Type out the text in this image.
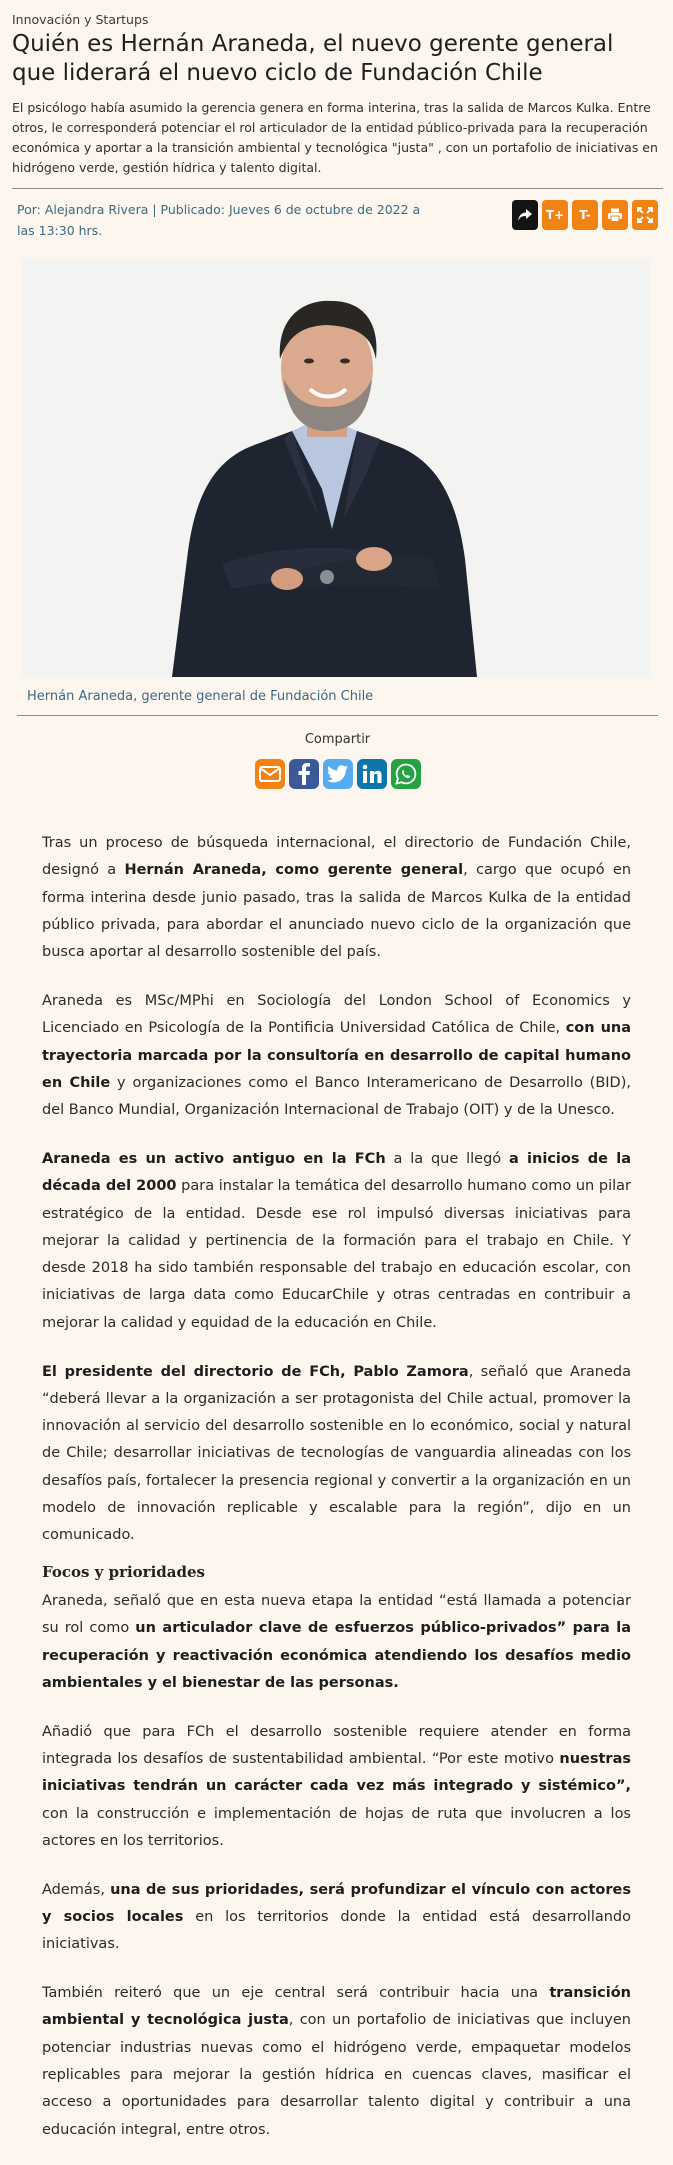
Innovación y Startups
Quién es Hernán Araneda, el nuevo gerente general que liderará el nuevo ciclo de Fundación Chile

El psicólogo había asumido la gerencia genera en forma interina, tras la salida de Marcos Kulka. Entre otros, le corresponderá potenciar el rol articulador de la entidad público-privada para la recuperación económica y aportar a la transición ambiental y tecnológica "justa" , con un portafolio de iniciativas en hidrógeno verde, gestión hídrica y talento digital.

Por: Alejandra Rivera | Publicado: Jueves 6 de octubre de 2022 a las 13:30 hrs.
T+	T-
Hernán Araneda, gerente general de Fundación Chile
Compartir

Tras un proceso de búsqueda internacional, el directorio de Fundación Chile, designó a Hernán Araneda, como gerente general, cargo que ocupó en forma interina desde junio pasado, tras la salida de Marcos Kulka de la entidad público privada, para abordar el anunciado nuevo ciclo de la organización que busca aportar al desarrollo sostenible del país.

Araneda es MSc/MPhi en Sociología del London School of Economics y Licenciado en Psicología de la Pontificia Universidad Católica de Chile, con una trayectoria marcada por la consultoría en desarrollo de capital humano en Chile y organizaciones como el Banco Interamericano de Desarrollo (BID), del Banco Mundial, Organización Internacional de Trabajo (OIT) y de la Unesco.

Araneda es un activo antiguo en la FCh a la que llegó a inicios de la década del 2000 para instalar la temática del desarrollo humano como un pilar estratégico de la entidad. Desde ese rol impulsó diversas iniciativas para mejorar la calidad y pertinencia de la formación para el trabajo en Chile. Y desde 2018 ha sido también responsable del trabajo en educación escolar, con iniciativas de larga data como EducarChile y otras centradas en contribuir a mejorar la calidad y equidad de la educación en Chile.

El presidente del directorio de FCh, Pablo Zamora, señaló que Araneda “deberá llevar a la organización a ser protagonista del Chile actual, promover la innovación al servicio del desarrollo sostenible en lo económico, social y natural de Chile; desarrollar iniciativas de tecnologías de vanguardia alineadas con los desafíos país, fortalecer la presencia regional y convertir a la organización en un modelo de innovación replicable y escalable para la región”, dijo en un comunicado.

Focos y prioridades

Araneda, señaló que en esta nueva etapa la entidad “está llamada a potenciar su rol como un articulador clave de esfuerzos público-privados” para la recuperación y reactivación económica atendiendo los desafíos medio ambientales y el bienestar de las personas.

Añadió que para FCh el desarrollo sostenible requiere atender en forma integrada los desafíos de sustentabilidad ambiental. “Por este motivo nuestras iniciativas tendrán un carácter cada vez más integrado y sistémico”, con la construcción e implementación de hojas de ruta que involucren a los actores en los territorios.

Además, una de sus prioridades, será profundizar el vínculo con actores y socios locales en los territorios donde la entidad está desarrollando iniciativas.

También reiteró que un eje central será contribuir hacia una transición ambiental y tecnológica justa, con un portafolio de iniciativas que incluyen potenciar industrias nuevas como el hidrógeno verde, empaquetar modelos replicables para mejorar la gestión hídrica en cuencas claves, masificar el acceso a oportunidades para desarrollar talento digital y contribuir a una educación integral, entre otros.
